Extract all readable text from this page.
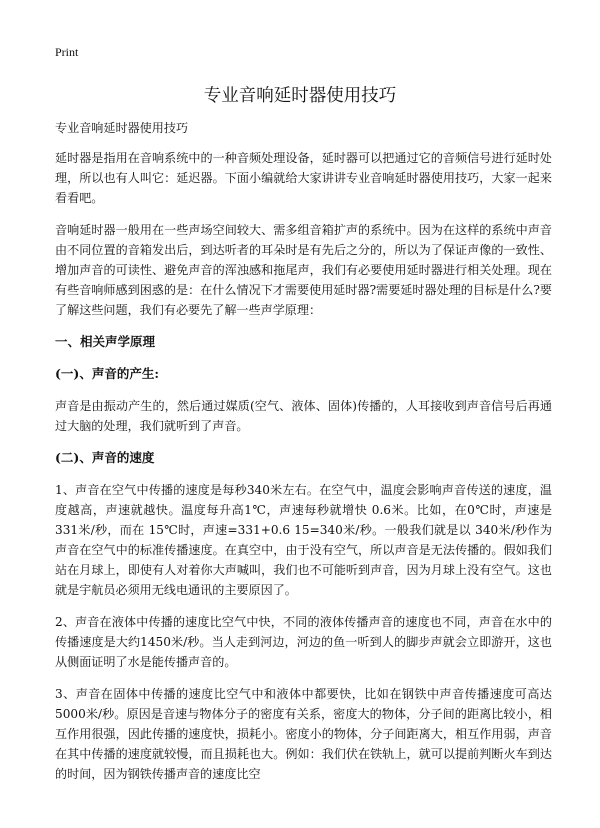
Print
专业音响延时器使用技巧

专业音响延时器使用技巧

延时器是指用在音响系统中的一种音频处理设备，延时器可以把通过它的音频信号进行延时处理，所以也有人叫它：延迟器。下面小编就给大家讲讲专业音响延时器使用技巧，大家一起来看看吧。

音响延时器一般用在一些声场空间较大、需多组音箱扩声的系统中。因为在这样的系统中声音由不同位置的音箱发出后，到达听者的耳朵时是有先后之分的，所以为了保证声像的一致性、增加声音的可读性、避免声音的浑浊感和拖尾声，我们有必要使用延时器进行相关处理。现在有些音响师感到困惑的是：在什么情况下才需要使用延时器?需要延时器处理的目标是什么?要了解这些问题，我们有必要先了解一些声学原理：

一、相关声学原理
(一)、声音的产生:

声音是由振动产生的，然后通过媒质(空气、液体、固体)传播的，人耳接收到声音信号后再通过大脑的处理，我们就听到了声音。

(二)、声音的速度

1、声音在空气中传播的速度是每秒340米左右。在空气中，温度会影响声音传送的速度，温度越高，声速就越快。温度每升高1℃，声速每秒就增快 0.6米。比如，在0℃时，声速是 331米/秒，而在 15℃时，声速=331+0.6 15=340米/秒。一般我们就是以 340米/秒作为声音在空气中的标准传播速度。在真空中，由于没有空气，所以声音是无法传播的。假如我们站在月球上，即使有人对着你大声喊叫，我们也不可能听到声音，因为月球上没有空气。这也就是宇航员必须用无线电通讯的主要原因了。

2、声音在液体中传播的速度比空气中快，不同的液体传播声音的速度也不同，声音在水中的传播速度是大约1450米/秒。当人走到河边，河边的鱼一听到人的脚步声就会立即游开，这也从侧面证明了水是能传播声音的。

3、声音在固体中传播的速度比空气中和液体中都要快，比如在钢铁中声音传播速度可高达5000米/秒。原因是音速与物体分子的密度有关系，密度大的物体，分子间的距离比较小，相互作用很强，因此传播的速度快，损耗小。密度小的物体，分子间距离大，相互作用弱，声音在其中传播的速度就较慢，而且损耗也大。例如：我们伏在铁轨上，就可以提前判断火车到达的时间，因为钢铁传播声音的速度比空
